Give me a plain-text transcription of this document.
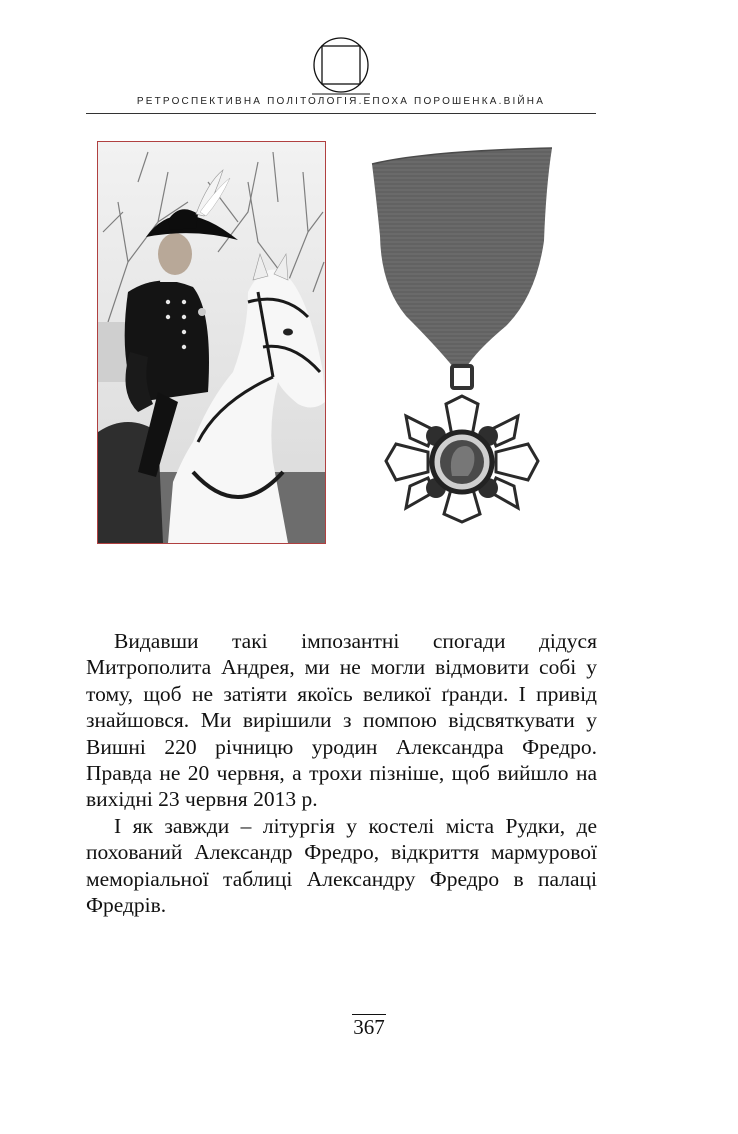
РЕТРОСПЕКТИВНА ПОЛІТОЛОГІЯ.ЕПОХА ПОРОШЕНКА.ВІЙНА

Видавши такі імпозантні спогади дідуся Митрополита Андрея, ми не могли відмовити собі у тому, щоб не затіяти якоїсь великої ґранди. І привід знайшовся. Ми вирішили з помпою відсвяткувати у Вишні 220 річницю уродин Александра Фредро. Правда не 20 червня, а трохи пізніше, щоб вийшло на вихідні 23 червня 2013 р.

І як завжди – літургія у костелі міста Рудки, де похований Александр Фредро, відкриття мармурової меморіальної таблиці Александру Фредро в палаці Фредрів.

367
